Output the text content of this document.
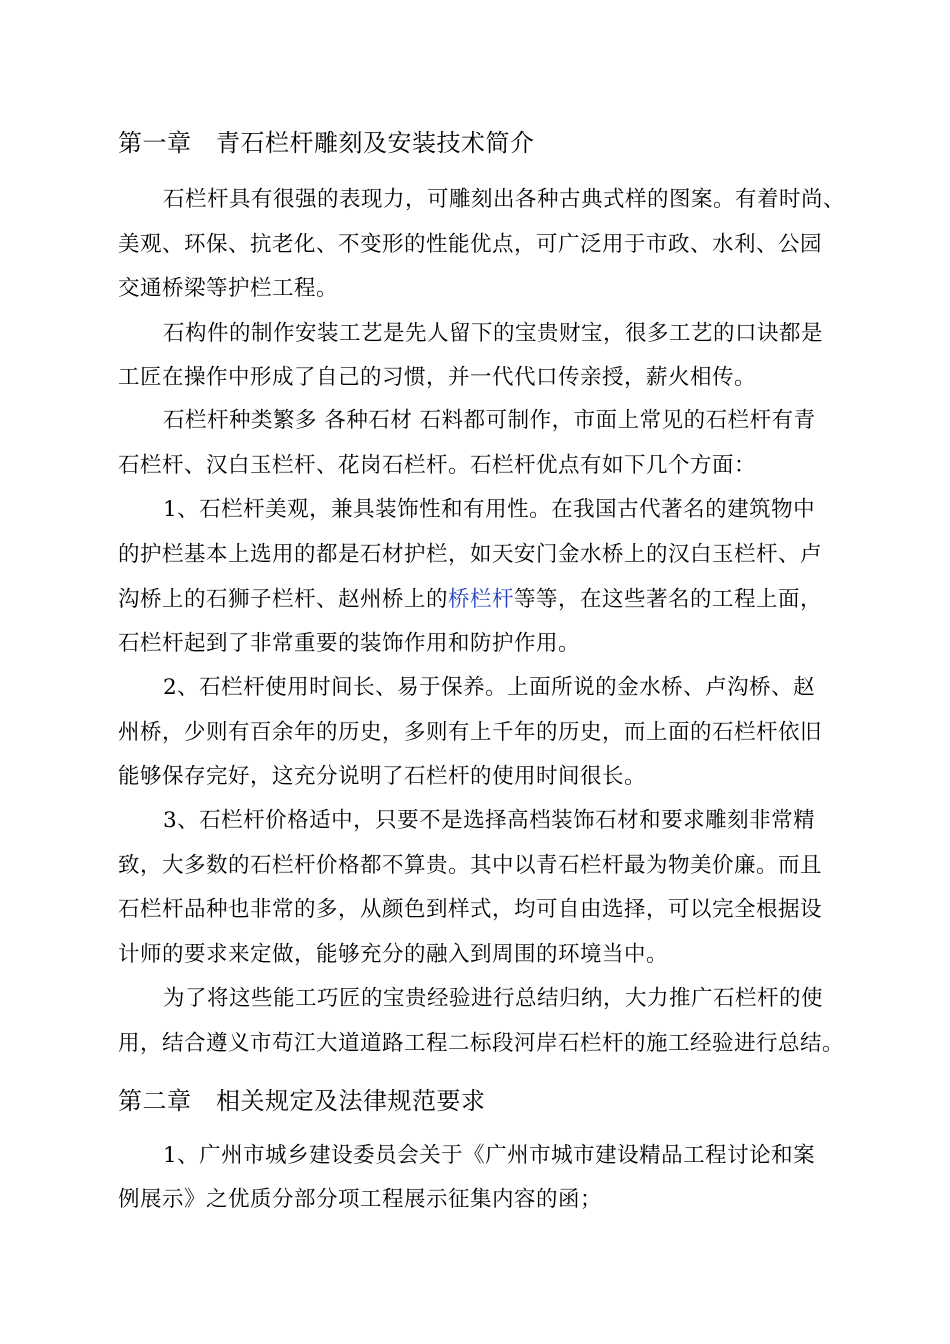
第一章　青石栏杆雕刻及安装技术简介
石栏杆具有很强的表现力，可雕刻出各种古典式样的图案。有着时尚、
美观、环保、抗老化、不变形的性能优点，可广泛用于市政、水利、公园
交通桥梁等护栏工程。
石构件的制作安装工艺是先人留下的宝贵财宝，很多工艺的口诀都是
工匠在操作中形成了自己的习惯，并一代代口传亲授，薪火相传。
石栏杆种类繁多 各种石材 石料都可制作，市面上常见的石栏杆有青
石栏杆、汉白玉栏杆、花岗石栏杆。石栏杆优点有如下几个方面：
1、石栏杆美观，兼具装饰性和有用性。在我国古代著名的建筑物中
的护栏基本上选用的都是石材护栏，如天安门金水桥上的汉白玉栏杆、卢
沟桥上的石狮子栏杆、赵州桥上的桥栏杆等等，在这些著名的工程上面，
石栏杆起到了非常重要的装饰作用和防护作用。
2、石栏杆使用时间长、易于保养。上面所说的金水桥、卢沟桥、赵
州桥，少则有百余年的历史，多则有上千年的历史，而上面的石栏杆依旧
能够保存完好，这充分说明了石栏杆的使用时间很长。
3、石栏杆价格适中，只要不是选择高档装饰石材和要求雕刻非常精
致，大多数的石栏杆价格都不算贵。其中以青石栏杆最为物美价廉。而且
石栏杆品种也非常的多，从颜色到样式，均可自由选择，可以完全根据设
计师的要求来定做，能够充分的融入到周围的环境当中。
为了将这些能工巧匠的宝贵经验进行总结归纳，大力推广石栏杆的使
用，结合遵义市苟江大道道路工程二标段河岸石栏杆的施工经验进行总结。
第二章　相关规定及法律规范要求
1、广州市城乡建设委员会关于《广州市城市建设精品工程讨论和案
例展示》之优质分部分项工程展示征集内容的函；
